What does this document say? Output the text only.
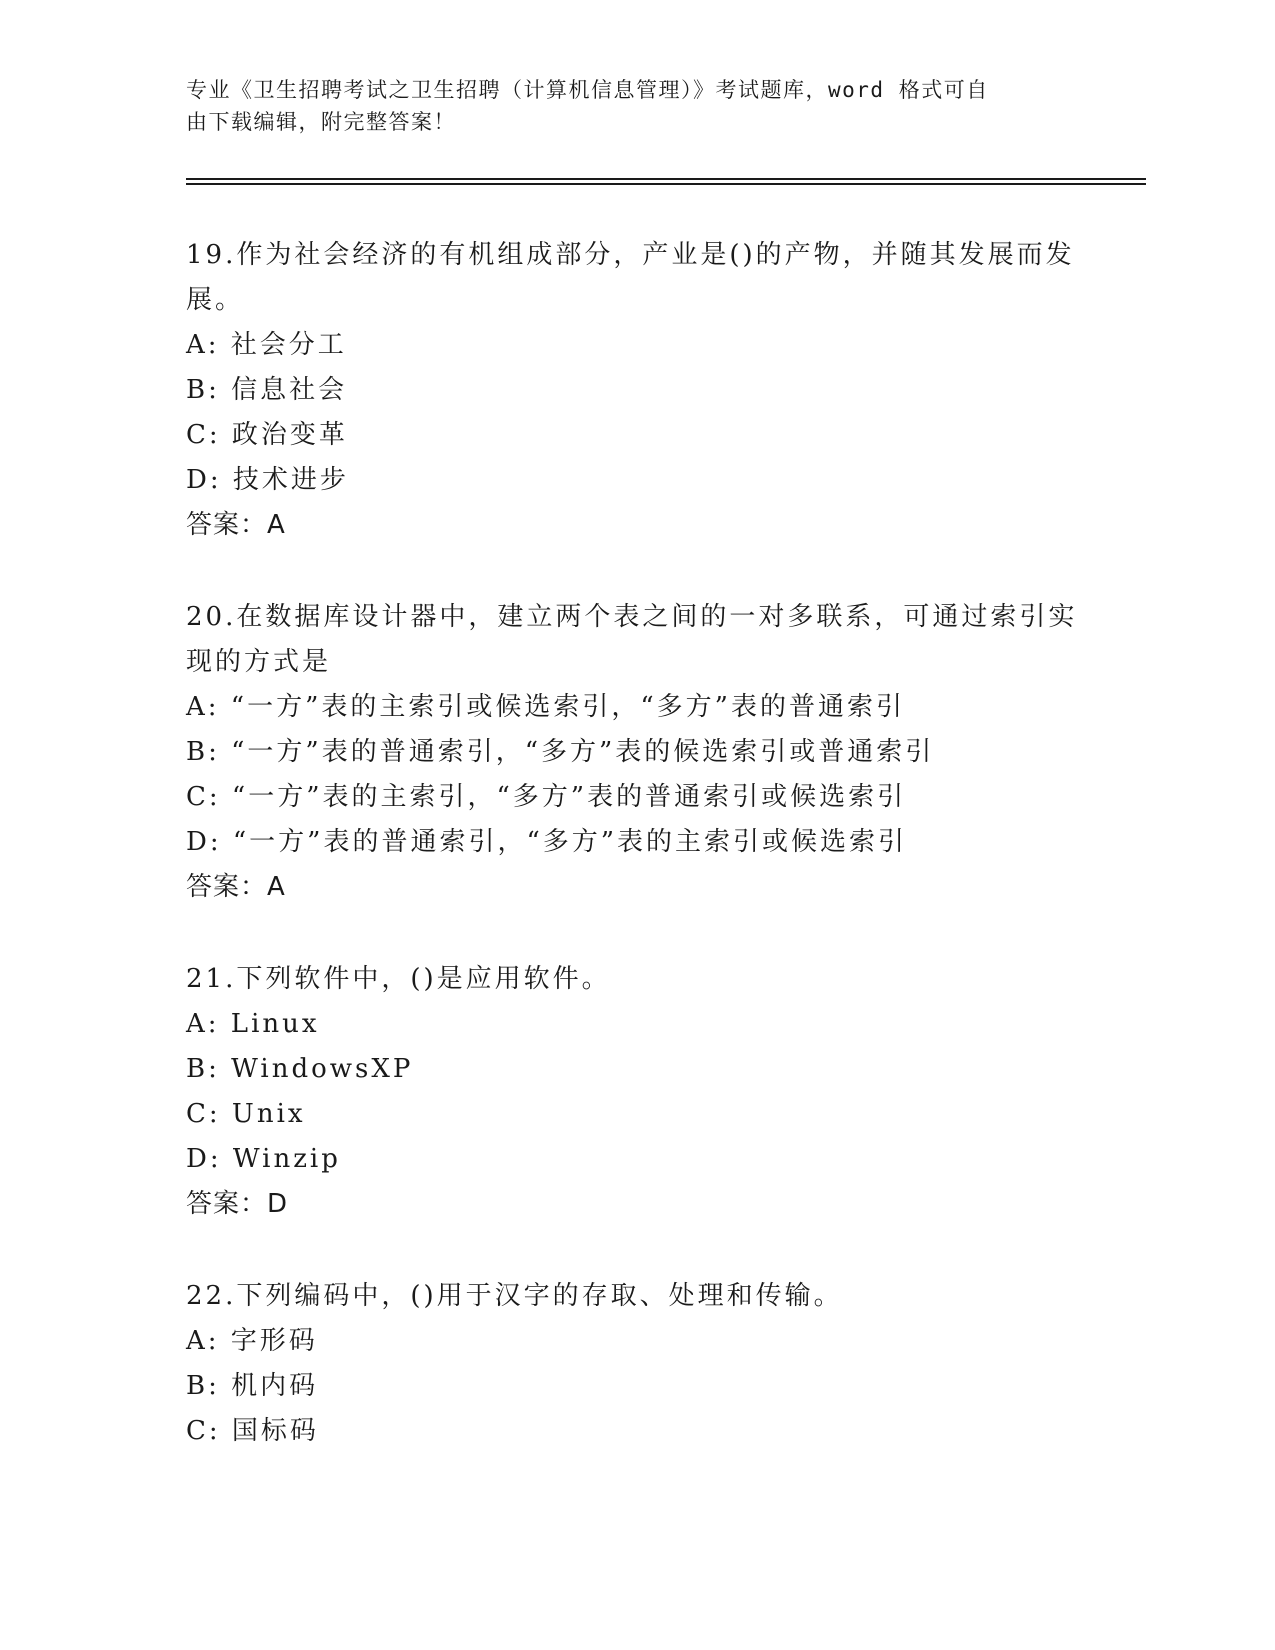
专业《卫生招聘考试之卫生招聘（计算机信息管理）》考试题库，word 格式可自
由下载编辑，附完整答案！

19.作为社会经济的有机组成部分，产业是()的产物，并随其发展而发展。

A: 社会分工
B: 信息社会
C: 政治变革
D: 技术进步
答案：A

20.在数据库设计器中，建立两个表之间的一对多联系，可通过索引实现的方式是

A: “一方”表的主索引或候选索引，“多方”表的普通索引
B: “一方”表的普通索引，“多方”表的候选索引或普通索引
C: “一方”表的主索引，“多方”表的普通索引或候选索引
D: “一方”表的普通索引，“多方”表的主索引或候选索引
答案：A

21.下列软件中，()是应用软件。

A: Linux
B: WindowsXP
C: Unix
D: Winzip
答案：D

22.下列编码中，()用于汉字的存取、处理和传输。

A: 字形码
B: 机内码
C: 国标码
